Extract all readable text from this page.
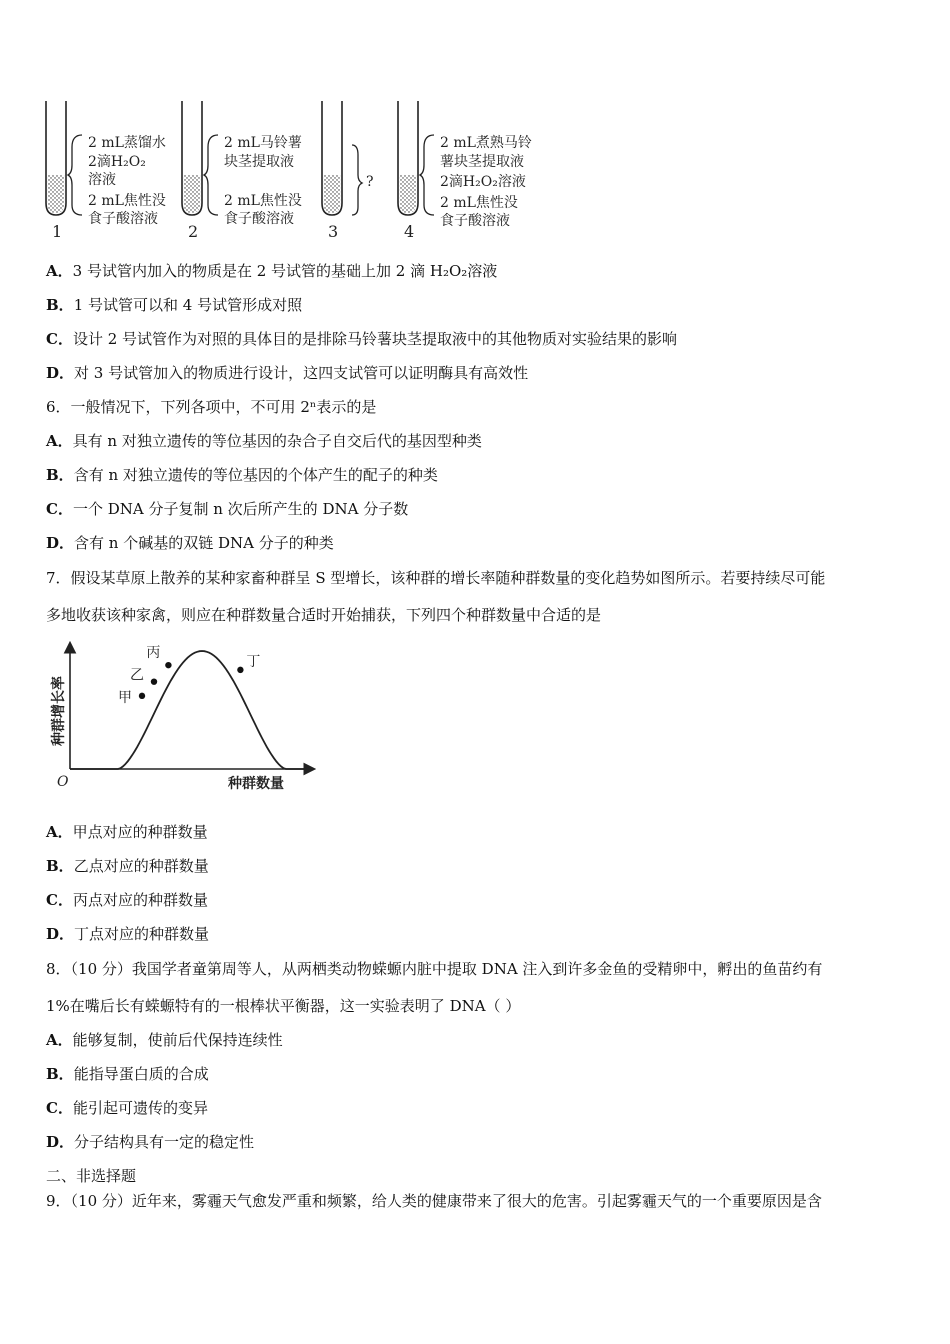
2 mL蒸馏水
2滴H₂O₂
溶液
2 mL焦性没
食子酸溶液
1
2 mL马铃薯
块茎提取液
2 mL焦性没
食子酸溶液
2
?
3
2 mL煮熟马铃
薯块茎提取液
2滴H₂O₂溶液
2 mL焦性没
食子酸溶液
4
A．3 号试管内加入的物质是在 2 号试管的基础上加 2 滴 H₂O₂溶液
B．1 号试管可以和 4 号试管形成对照
C．设计 2 号试管作为对照的具体目的是排除马铃薯块茎提取液中的其他物质对实验结果的影响
D．对 3 号试管加入的物质进行设计，这四支试管可以证明酶具有高效性
6．一般情况下，下列各项中，不可用 2ⁿ表示的是
A．具有 n 对独立遗传的等位基因的杂合子自交后代的基因型种类
B．含有 n 对独立遗传的等位基因的个体产生的配子的种类
C．一个 DNA 分子复制 n 次后所产生的 DNA 分子数
D．含有 n 个碱基的双链 DNA 分子的种类
7．假设某草原上散养的某种家畜种群呈 S 型增长，该种群的增长率随种群数量的变化趋势如图所示。若要持续尽可能
多地收获该种家禽，则应在种群数量合适时开始捕获，下列四个种群数量中合适的是
甲
乙
丙
丁
种群增长率
种群数量
O
A．甲点对应的种群数量
B．乙点对应的种群数量
C．丙点对应的种群数量
D．丁点对应的种群数量
8．（10 分）我国学者童第周等人，从两栖类动物蝾螈内脏中提取 DNA 注入到许多金鱼的受精卵中，孵出的鱼苗约有
1%在嘴后长有蝾螈特有的一根棒状平衡器，这一实验表明了 DNA（ ）
A．能够复制，使前后代保持连续性
B．能指导蛋白质的合成
C．能引起可遗传的变异
D．分子结构具有一定的稳定性
二、非选择题
9．（10 分）近年来，雾霾天气愈发严重和频繁，给人类的健康带来了很大的危害。引起雾霾天气的一个重要原因是含
